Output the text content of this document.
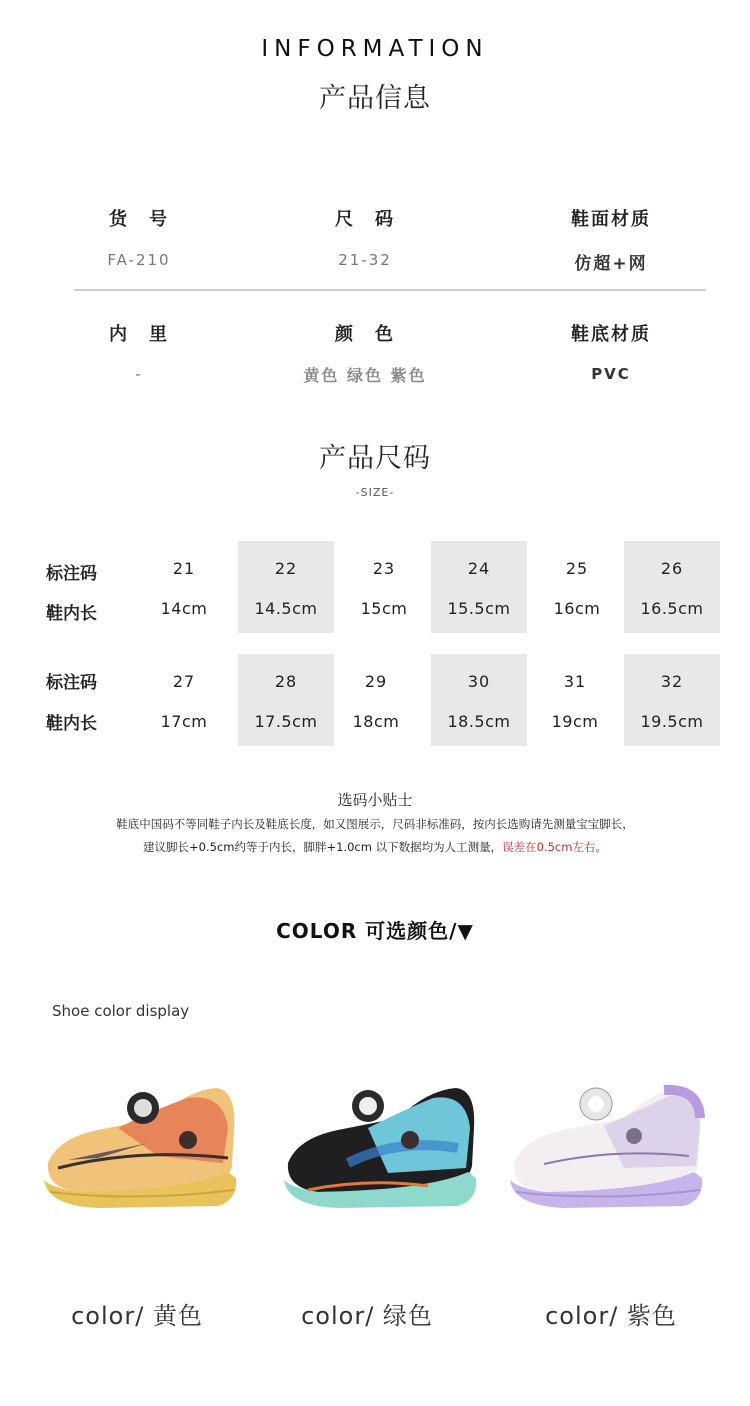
INFORMATION
产品信息
货　号
FA-210
尺　码
21-32
鞋面材质
仿超+网
内　里
-
颜　色
黄色 绿色 紫色
鞋底材质
PVC
产品尺码
-SIZE-
标注码
鞋内长
21
14cm
22
14.5cm
23
15cm
24
15.5cm
25
16cm
26
16.5cm
标注码
鞋内长
27
17cm
28
17.5cm
29
18cm
30
18.5cm
31
19cm
32
19.5cm
选码小贴士
鞋底中国码不等同鞋子内长及鞋底长度，如又图展示，尺码非标准码，按内长选购请先测量宝宝脚长，
建议脚长+0.5cm约等于内长，脚胖+1.0cm 以下数据均为人工测量，误差在0.5cm左右。
COLOR 可选颜色/▼
Shoe color display
color/ 黄色	color/ 绿色	color/ 紫色
